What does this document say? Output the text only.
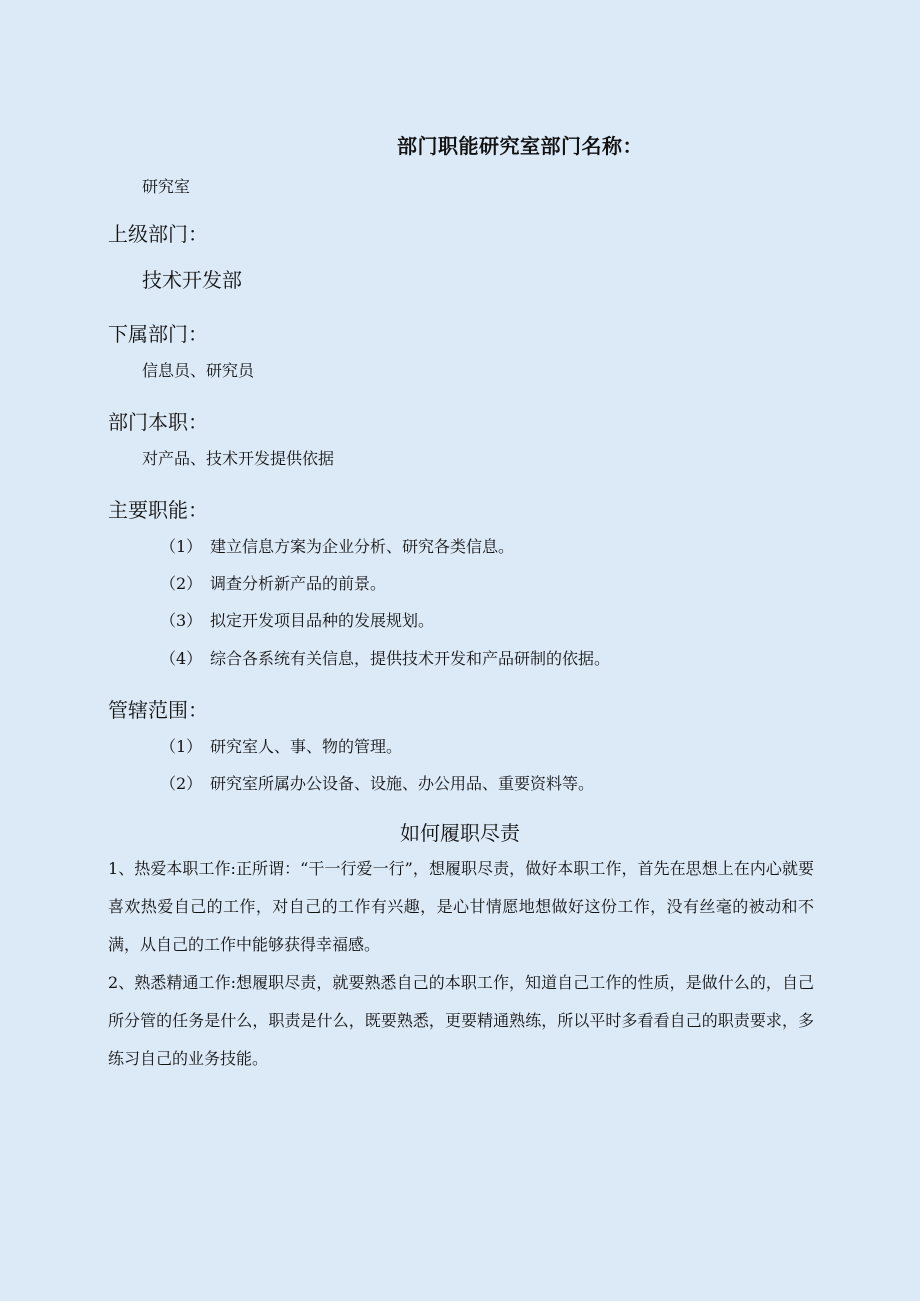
部门职能研究室部门名称：
研究室
上级部门：
技术开发部
下属部门：
信息员、研究员
部门本职：
对产品、技术开发提供依据
主要职能：
（1） 建立信息方案为企业分析、研究各类信息。
（2） 调查分析新产品的前景。
（3） 拟定开发项目品种的发展规划。
（4） 综合各系统有关信息，提供技术开发和产品研制的依据。
管辖范围：
（1） 研究室人、事、物的管理。
（2） 研究室所属办公设备、设施、办公用品、重要资料等。
如何履职尽责
1、热爱本职工作:正所谓：“干一行爱一行”，想履职尽责，做好本职工作，首先在思想上在内心就要喜欢热爱自己的工作，对自己的工作有兴趣，是心甘情愿地想做好这份工作，没有丝毫的被动和不满，从自己的工作中能够获得幸福感。
2、熟悉精通工作:想履职尽责，就要熟悉自己的本职工作，知道自己工作的性质，是做什么的，自己所分管的任务是什么，职责是什么，既要熟悉，更要精通熟练，所以平时多看看自己的职责要求，多练习自己的业务技能。
